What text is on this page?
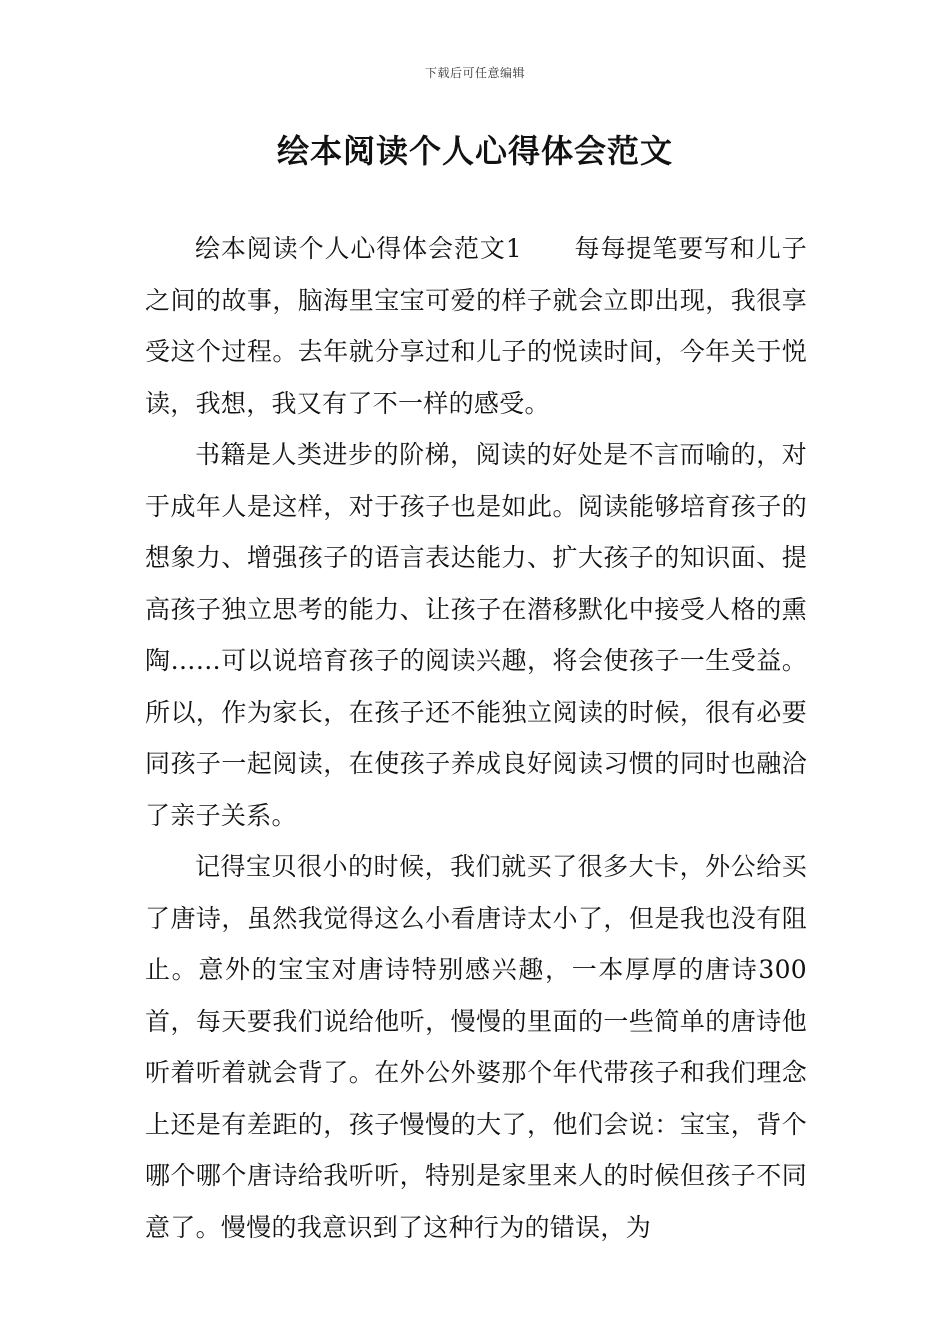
下载后可任意编辑
绘本阅读个人心得体会范文

绘本阅读个人心得体会范文1 每每提笔要写和儿子之间的故事，脑海里宝宝可爱的样子就会立即出现，我很享受这个过程。去年就分享过和儿子的悦读时间，今年关于悦读，我想，我又有了不一样的感受。

书籍是人类进步的阶梯，阅读的好处是不言而喻的，对于成年人是这样，对于孩子也是如此。阅读能够培育孩子的想象力、增强孩子的语言表达能力、扩大孩子的知识面、提高孩子独立思考的能力、让孩子在潜移默化中接受人格的熏陶……可以说培育孩子的阅读兴趣，将会使孩子一生受益。所以，作为家长，在孩子还不能独立阅读的时候，很有必要同孩子一起阅读，在使孩子养成良好阅读习惯的同时也融洽了亲子关系。

记得宝贝很小的时候，我们就买了很多大卡，外公给买了唐诗，虽然我觉得这么小看唐诗太小了，但是我也没有阻止。意外的宝宝对唐诗特别感兴趣，一本厚厚的唐诗300首，每天要我们说给他听，慢慢的里面的一些简单的唐诗他听着听着就会背了。在外公外婆那个年代带孩子和我们理念上还是有差距的，孩子慢慢的大了，他们会说：宝宝，背个哪个哪个唐诗给我听听，特别是家里来人的时候但孩子不同意了。慢慢的我意识到了这种行为的错误，为
